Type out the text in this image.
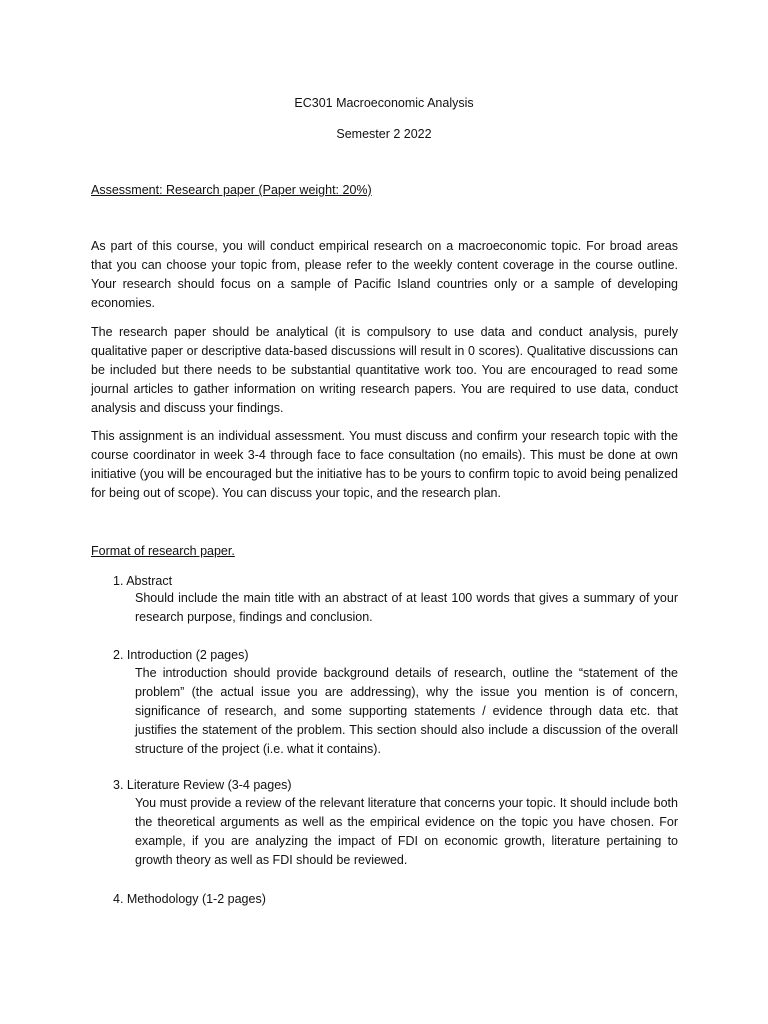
EC301 Macroeconomic Analysis
Semester 2 2022
Assessment: Research paper (Paper weight: 20%)
As part of this course, you will conduct empirical research on a macroeconomic topic. For broad areas that you can choose your topic from, please refer to the weekly content coverage in the course outline. Your research should focus on a sample of Pacific Island countries only or a sample of developing economies.
The research paper should be analytical (it is compulsory to use data and conduct analysis, purely qualitative paper or descriptive data-based discussions will result in 0 scores). Qualitative discussions can be included but there needs to be substantial quantitative work too. You are encouraged to read some journal articles to gather information on writing research papers. You are required to use data, conduct analysis and discuss your findings.
This assignment is an individual assessment. You must discuss and confirm your research topic with the course coordinator in week 3-4 through face to face consultation (no emails). This must be done at own initiative (you will be encouraged but the initiative has to be yours to confirm topic to avoid being penalized for being out of scope). You can discuss your topic, and the research plan.
Format of research paper.
1. Abstract
Should include the main title with an abstract of at least 100 words that gives a summary of your research purpose, findings and conclusion.
2. Introduction (2 pages)
The introduction should provide background details of research, outline the “statement of the problem” (the actual issue you are addressing), why the issue you mention is of concern, significance of research, and some supporting statements / evidence through data etc. that justifies the statement of the problem. This section should also include a discussion of the overall structure of the project (i.e. what it contains).
3. Literature Review (3-4 pages)
You must provide a review of the relevant literature that concerns your topic. It should include both the theoretical arguments as well as the empirical evidence on the topic you have chosen. For example, if you are analyzing the impact of FDI on economic growth, literature pertaining to growth theory as well as FDI should be reviewed.
4. Methodology (1-2 pages)
